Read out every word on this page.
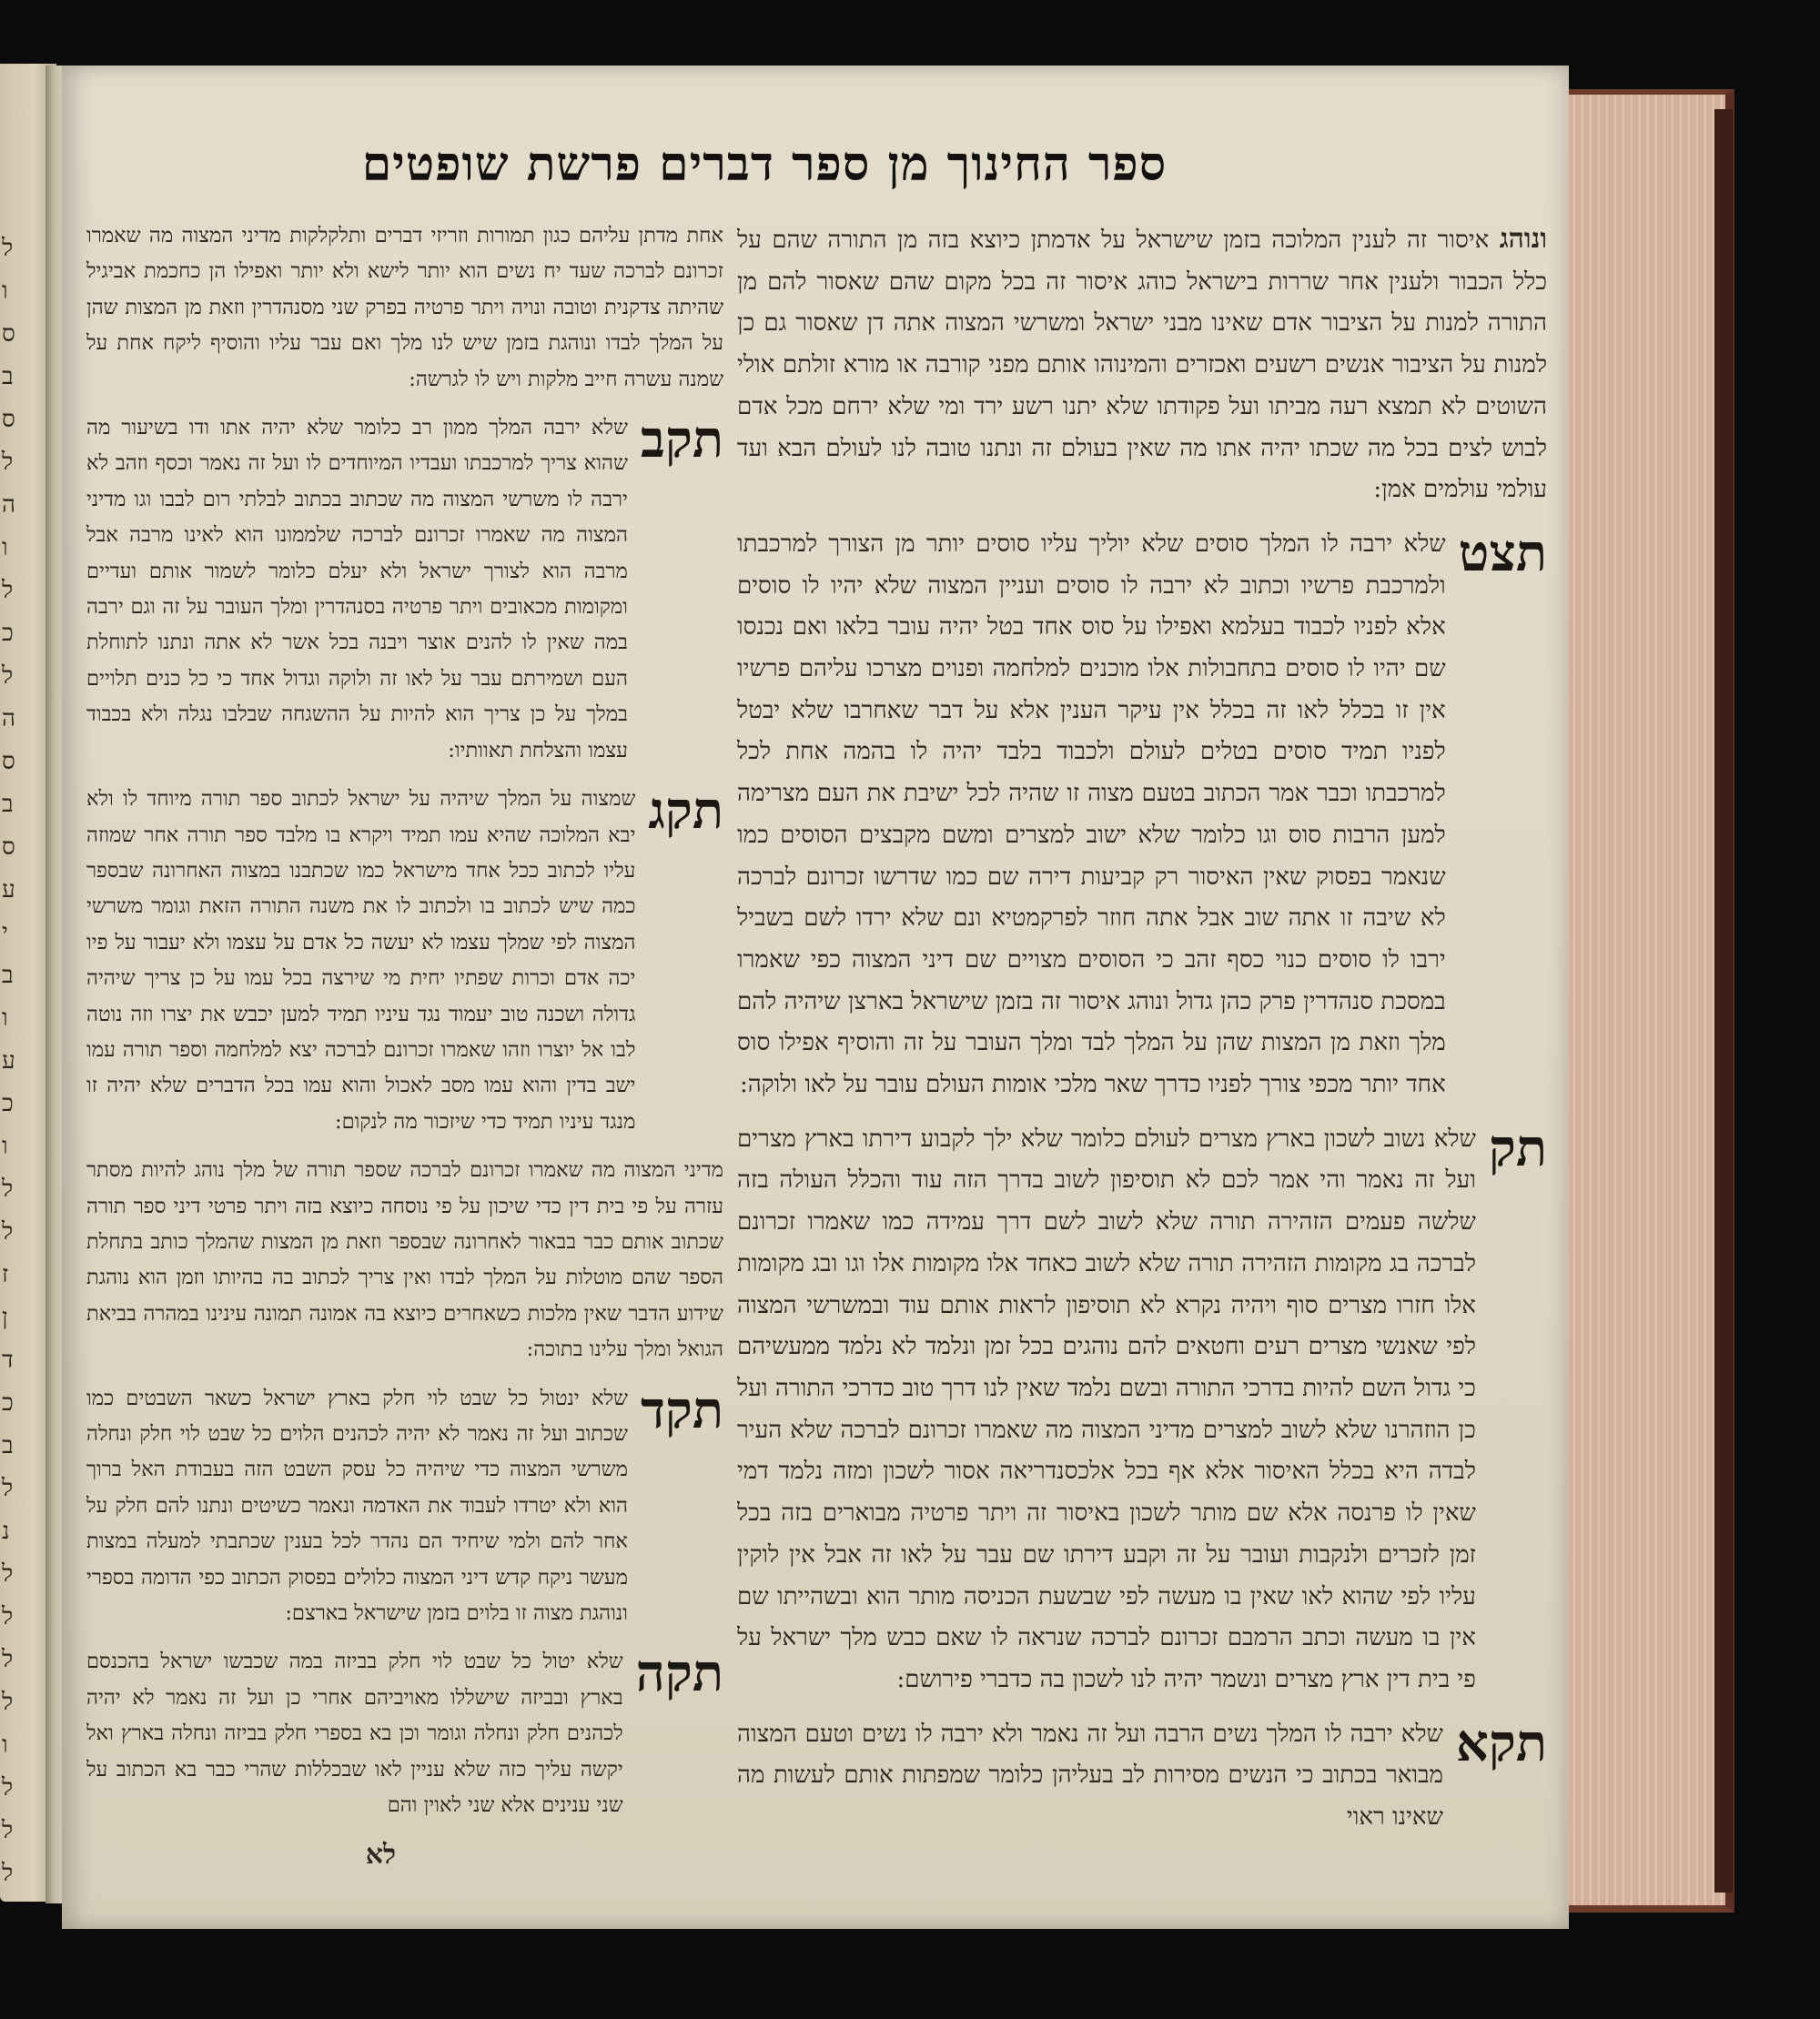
ל
ו
ס
ב
ס
ל
ה
ו
ל
כ
ל
ה
ס
ב
ס
ע
י
ב
ו
ע
כ
ו
ל
ל
ז
ן
ד
כ
ב
ל
נ
ל
ל
ל
ל
ו
ל
ל
ל
ספר החינוך מן ספר דברים פרשת שופטים
ונוהג איסור זה לענין המלוכה בזמן שישראל על אדמתן כיוצא בזה מן התורה שהם על כלל הכבור ולענין אחר שררות בישראל כוהג איסור זה בכל מקום שהם שאסור להם מן התורה למנות על הציבור אדם שאינו מבני ישראל ומשרשי המצוה אתה דן שאסור גם כן למנות על הציבור אנשים רשעים ואכזרים והמינוהו אותם מפני קורבה או מורא זולתם אולי השוטים לא תמצא רעה מביתו ועל פקודתו שלא יתנו רשע ירד ומי שלא ירחם מכל אדם לבוש לצים בכל מה שכתו יהיה אתו מה שאין בעולם זה ונתנו טובה לנו לעולם הבא ועד עולמי עולמים אמן:
תצט
שלא ירבה לו המלך סוסים שלא יוליך עליו סוסים יותר מן הצורך למרכבתו ולמרכבת פרשיו וכתוב לא ירבה לו סוסים ועניין המצוה שלא יהיו לו סוסים אלא לפניו לכבוד בעלמא ואפילו על סוס אחד בטל יהיה עובר בלאו ואם נכנסו שם יהיו לו סוסים בתחבולות אלו מוכנים למלחמה ופנוים מצרכו עליהם פרשיו אין זו בכלל לאו זה בכלל אין עיקר הענין אלא על דבר שאחרבו שלא יבטל לפניו תמיד סוסים בטלים לעולם ולכבוד בלבד יהיה לו בהמה אחת לכל למרכבתו וכבר אמר הכתוב בטעם מצוה זו שהיה לכל ישיבת את העם מצרימה למען הרבות סוס וגו כלומר שלא ישוב למצרים ומשם מקבצים הסוסים כמו שנאמר בפסוק שאין האיסור רק קביעות דירה שם כמו שדרשו זכרונם לברכה לא שיבה זו אתה שוב אבל אתה חוזר לפרקמטיא ונם שלא ירדו לשם בשביל ירבו לו סוסים כנוי כסף זהב כי הסוסים מצויים שם דיני המצוה כפי שאמרו במסכת סנהדרין פרק כהן גדול ונוהג איסור זה בזמן שישראל בארצן שיהיה להם מלך וזאת מן המצות שהן על המלך לבד ומלך העובר על זה והוסיף אפילו סוס אחד יותר מכפי צורך לפניו כדרך שאר מלכי אומות העולם עובר על לאו ולוקה:
תק
שלא נשוב לשכון בארץ מצרים לעולם כלומר שלא ילך לקבוע דירתו בארץ מצרים ועל זה נאמר והי אמר לכם לא תוסיפון לשוב בדרך הזה עוד והכלל העולה בזה שלשה פעמים הזהירה תורה שלא לשוב לשם דרך עמידה כמו שאמרו זכרונם לברכה בג מקומות הזהירה תורה שלא לשוב כאחד אלו מקומות אלו וגו ובג מקומות אלו חזרו מצרים סוף ויהיה נקרא לא תוסיפון לראות אותם עוד ובמשרשי המצוה לפי שאנשי מצרים רעים וחטאים להם נוהגים בכל זמן ונלמד לא נלמד ממעשיהם כי גדול השם להיות בדרכי התורה ובשם נלמד שאין לנו דרך טוב כדרכי התורה ועל כן הוזהרנו שלא לשוב למצרים מדיני המצוה מה שאמרו זכרונם לברכה שלא העיר לבדה היא בכלל האיסור אלא אף בכל אלכסנדריאה אסור לשכון ומזה נלמד דמי שאין לו פרנסה אלא שם מותר לשכון באיסור זה ויתר פרטיה מבוארים בזה בכל זמן לזכרים ולנקבות ועובר על זה וקבע דירתו שם עבר על לאו זה אבל אין לוקין עליו לפי שהוא לאו שאין בו מעשה לפי שבשעת הכניסה מותר הוא ובשהייתו שם אין בו מעשה וכתב הרמבם זכרונם לברכה שנראה לו שאם כבש מלך ישראל על פי בית דין ארץ מצרים ונשמר יהיה לנו לשכון בה כדברי פירושם:
תקא
שלא ירבה לו המלך נשים הרבה ועל זה נאמר ולא ירבה לו נשים וטעם המצוה מבואר בכתוב כי הנשים מסירות לב בעליהן כלומר שמפתות אותם לעשות מה שאינו ראוי
אחת מדתן עליהם כגון תמורות וזריזי דברים ותלקלקות מדיני המצוה מה שאמרו זכרונם לברכה שעד יח נשים הוא יותר לישא ולא יותר ואפילו הן כחכמת אביגיל שהיתה צדקנית וטובה ונויה ויתר פרטיה בפרק שני מסנהדרין וזאת מן המצות שהן על המלך לבדו ונוהגת בזמן שיש לנו מלך ואם עבר עליו והוסיף ליקח אחת על שמנה עשרה חייב מלקות ויש לו לגרשה:
תקב
שלא ירבה המלך ממון רב כלומר שלא יהיה אתו ודו בשיעור מה שהוא צריך למרכבתו ועבדיו המיוחדים לו ועל זה נאמר וכסף וזהב לא ירבה לו משרשי המצוה מה שכתוב בכתוב לבלתי רום לבבו וגו מדיני המצוה מה שאמרו זכרונם לברכה שלממונו הוא לאינו מרבה אבל מרבה הוא לצורך ישראל ולא יעלם כלומר לשמור אותם ועדיים ומקומות מכאובים ויתר פרטיה בסנהדרין ומלך העובר על זה וגם ירבה במה שאין לו להנים אוצר ויבנה בכל אשר לא אתה ונתנו לתוחלת העם ושמירתם עבר על לאו זה ולוקה וגדול אחד כי כל כנים תלויים במלך על כן צריך הוא להיות על ההשגחה שבלבו נגלה ולא בכבוד עצמו והצלחת תאוותיו:
תקג
שמצוה על המלך שיהיה על ישראל לכתוב ספר תורה מיוחד לו ולא יבא המלוכה שהיא עמו תמיד ויקרא בו מלבד ספר תורה אחר שמוזה עליו לכתוב ככל אחד מישראל כמו שכתבנו במצוה האחרונה שבספר כמה שיש לכתוב בו ולכתוב לו את משנה התורה הזאת וגומר משרשי המצוה לפי שמלך עצמו לא יעשה כל אדם על עצמו ולא יעבור על פיו יכה אדם וכרות שפתיו יחית מי שירצה בכל עמו על כן צריך שיהיה גדולה ושכנה טוב יעמוד נגד עיניו תמיד למען יכבש את יצרו וזה נוטה לבו אל יוצרו וזהו שאמרו זכרונם לברכה יצא למלחמה וספר תורה עמו ישב בדין והוא עמו מסב לאכול והוא עמו בכל הדברים שלא יהיה זו מנגד עיניו תמיד כדי שיזכור מה לנקום:
מדיני המצוה מה שאמרו זכרונם לברכה שספר תורה של מלך נוהג להיות מסתר עזרה על פי בית דין כדי שיכון על פי נוסחה כיוצא בזה ויתר פרטי דיני ספר תורה שכתוב אותם כבר בבאור לאחרונה שבספר וזאת מן המצות שהמלך כותב בתחלת הספר שהם מוטלות על המלך לבדו ואין צריך לכתוב בה בהיותו וזמן הוא נוהגת שידוע הדבר שאין מלכות כשאחרים כיוצא בה אמונה תמונה עינינו במהרה בביאת הגואל ומלך עלינו בתוכה:
תקד
שלא ינטול כל שבט לוי חלק בארץ ישראל כשאר השבטים כמו שכתוב ועל זה נאמר לא יהיה לכהנים הלוים כל שבט לוי חלק ונחלה משרשי המצוה כדי שיהיה כל עסק השבט הזה בעבודת האל ברוך הוא ולא יטרדו לעבוד את האדמה ונאמר כשיטים ונתנו להם חלק על אחר להם ולמי שיחיד הם נהדר לכל בענין שכתבתי למעלה במצות מעשר ניקח קדש דיני המצוה כלולים בפסוק הכתוב כפי הדומה בספרי ונוהגת מצוה זו בלוים בזמן שישראל בארצם:
תקה
שלא יטול כל שבט לוי חלק בביזה במה שכבשו ישראל בהכנסם בארץ ובביזה שישללו מאויביהם אחרי כן ועל זה נאמר לא יהיה לכהנים חלק ונחלה וגומר וכן בא בספרי חלק בביזה ונחלה בארץ ואל יקשה עליך כזה שלא עניין לאו שבכללות שהרי כבר בא הכתוב על שני ענינים אלא שני לאוין והם
לא
